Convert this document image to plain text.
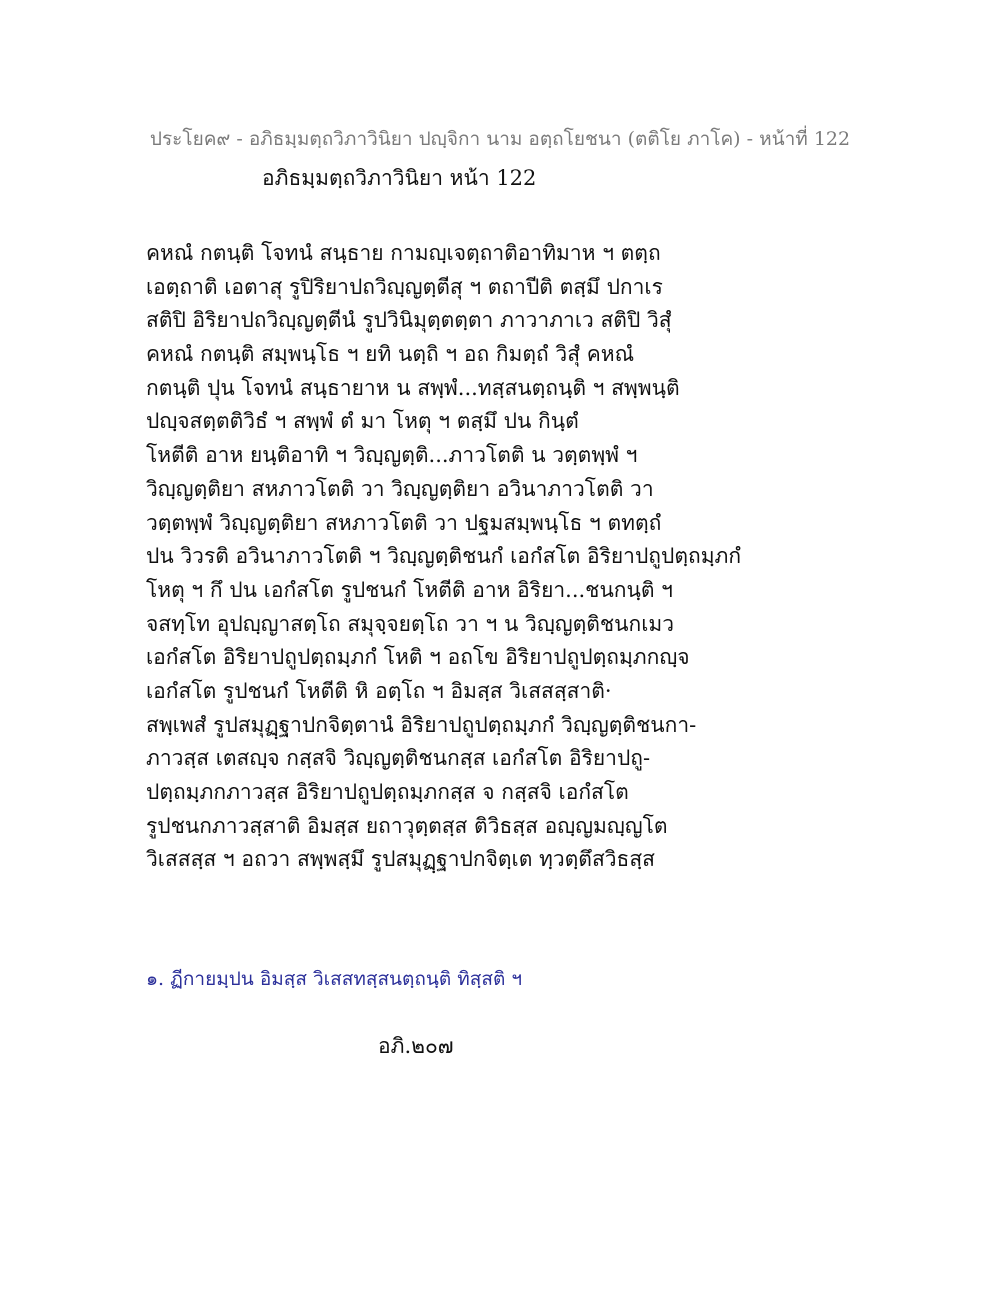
ประโยค๙ - อภิธมฺมตฺถวิภาวินิยา ปญฺจิกา นาม อตฺถโยชนา (ตติโย ภาโค) - หน้าที่ 122
อภิธมฺมตฺถวิภาวินิยา หน้า 122
คหณํ กตนฺติ โจทนํ สนฺธาย กามญฺเจตฺถาติอาทิมาห ฯ ตตฺถ
เอตฺถาติ เอตาสุ รูปิริยาปถวิญฺญตฺตีสุ ฯ ตถาปีติ ตสฺมึ ปกาเร
สติปิ อิริยาปถวิญฺญตฺตีนํ รูปวินิมุตฺตตฺตา ภาวาภาเว สติปิ วิสุํ
คหณํ กตนฺติ สมฺพนฺโธ ฯ ยทิ นตฺถิ ฯ อถ กิมตฺถํ วิสุํ คหณํ
กตนฺติ ปุน โจทนํ สนฺธายาห น สพฺพํ...ทสฺสนตฺถนฺติ ฯ สพฺพนฺติ
ปญฺจสตฺตติวิธํ ฯ สพฺพํ ตํ มา โหตุ ฯ ตสฺมึ ปน กินฺตํ
โหตีติ อาห ยนฺติอาทิ ฯ วิญฺญตฺติ...ภาวโตติ น วตฺตพฺพํ ฯ
วิญฺญตฺติยา สหภาวโตติ วา วิญฺญตฺติยา อวินาภาวโตติ วา
วตฺตพฺพํ วิญฺญตฺติยา สหภาวโตติ วา ปฐมสมฺพนฺโธ ฯ ตทตฺถํ
ปน วิวรติ อวินาภาวโตติ ฯ วิญฺญตฺติชนกํ เอกํสโต อิริยาปถูปตฺถมฺภกํ
โหตุ ฯ กึ ปน เอกํสโต รูปชนกํ โหตีติ อาห อิริยา...ชนกนฺติ ฯ
จสทฺโท อุปญฺญาสตฺโถ สมุจฺจยตฺโถ วา ฯ น วิญฺญตฺติชนกเมว
เอกํสโต อิริยาปถูปตฺถมฺภกํ โหติ ฯ อถโข อิริยาปถูปตฺถมฺภกญฺจ
เอกํสโต รูปชนกํ โหตีติ หิ อตฺโถ ฯ อิมสฺส วิเสสสฺสาติ·
สพฺเพสํ รูปสมุฏฺฐาปกจิตฺตานํ อิริยาปถูปตฺถมฺภกํ วิญฺญตฺติชนกา-
ภาวสฺส เตสญฺจ กสฺสจิ วิญฺญตฺติชนกสฺส เอกํสโต อิริยาปถู-
ปตฺถมฺภกภาวสฺส อิริยาปถูปตฺถมฺภกสฺส จ กสฺสจิ เอกํสโต
รูปชนกภาวสฺสาติ อิมสฺส ยถาวุตฺตสฺส ติวิธสฺส อญฺญมญฺญโต
วิเสสสฺส ฯ อถวา สพฺพสฺมึ รูปสมุฏฺฐาปกจิตฺเต ทฺวตฺตึสวิธสฺส
๑. ฏีกายมฺปน อิมสฺส วิเสสทสฺสนตฺถนฺติ ทิสฺสติ ฯ
อภิ.๒๐๗
